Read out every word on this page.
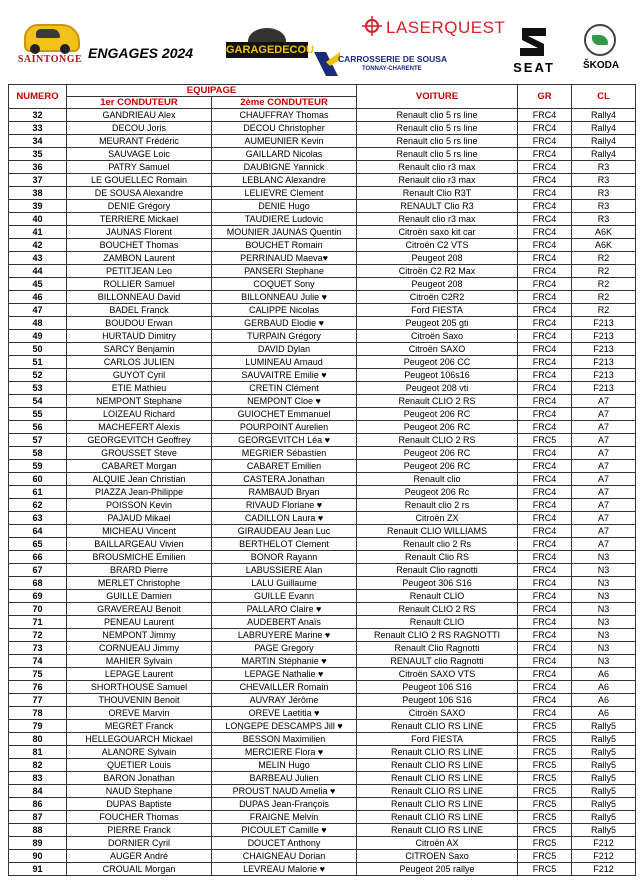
SAINTONGE ENGAGES 2024	GARAGEDECOU
LASERQUEST
CARROSSERIE DE SOUSA
TONNAY-CHARENTE	SEAT	ŠKODA
NUMERO	EQUIPAGE		VOITURE	GR	CL
	1er CONDUTEUR	2ème CONDUTEUR			
32	GANDRIEAU Alex	CHAUFFRAY Thomas	Renault clio 5 rs line	FRC4	Rally4
33	DECOU Joris	DECOU Christopher	Renault clio 5 rs line	FRC4	Rally4
34	MEURANT Frédéric	AUMEUNIER Kevin	Renault clio 5 rs line	FRC4	Rally4
35	SAUVAGE Loic	GAILLARD Nicolas	Renault clio 5 rs line	FRC4	Rally4
36	PATRY Samuel	DAUBIGNE Yannick	Renault clio r3 max	FRC4	R3
37	LE GOUELLEC Romain	LEBLANC Alexandre	Renault clio r3 max	FRC4	R3
38	DE SOUSA Alexandre	LELIEVRE Clement	Renault Clio R3T	FRC4	R3
39	DENIE Grégory	DENIE Hugo	RENAULT Clio R3	FRC4	R3
40	TERRIERE Mickael	TAUDIERE Ludovic	Renault clio r3 max	FRC4	R3
41	JAUNAS Florent	MOUNIER JAUNAS Quentin	Citroën saxo kit car	FRC4	A6K
42	BOUCHET Thomas	BOUCHET Romain	Citroën C2 VTS	FRC4	A6K
43	ZAMBON Laurent	PERRINAUD Maeva♥	Peugeot 208	FRC4	R2
44	PETITJEAN Leo	PANSERI Stephane	Citroën C2 R2 Max	FRC4	R2
45	ROLLIER Samuel	COQUET Sony	Peugeot 208	FRC4	R2
46	BILLONNEAU David	BILLONNEAU Julie ♥	Citroën C2R2	FRC4	R2
47	BADEL Franck	CALIPPE Nicolas	Ford FIESTA	FRC4	R2
48	BOUDOU Erwan	GERBAUD Elodie ♥	Peugeot 205 gti	FRC4	F213
49	HURTAUD Dimitry	TURPAIN Grégory	Citroën Saxo	FRC4	F213
50	SARCY Benjamin	DAVID Dylan	Citroën SAXO	FRC4	F213
51	CARLOS JULIEN	LUMINEAU Arnaud	Peugeot 206 CC	FRC4	F213
52	GUYOT Cyril	SAUVAITRE Emilie ♥	Peugeot 106s16	FRC4	F213
53	ETIE Mathieu	CRETIN Clément	Peugeot 208 vti	FRC4	F213
54	NEMPONT Stephane	NEMPONT Cloe ♥	Renault CLIO 2 RS	FRC4	A7
55	LOIZEAU Richard	GUIOCHET Emmanuel	Peugeot 206 RC	FRC4	A7
56	MACHEFERT Alexis	POURPOINT Aurelien	Peugeot 206 RC	FRC4	A7
57	GEORGEVITCH Geoffrey	GEORGEVITCH Léa ♥	Renault CLIO 2 RS	FRC5	A7
58	GROUSSET Steve	MEGRIER Sébastien	Peugeot 206 RC	FRC4	A7
59	CABARET Morgan	CABARET Emilien	Peugeot 206 RC	FRC4	A7
60	ALQUIE Jean Christian	CASTERA Jonathan	Renault clio	FRC4	A7
61	PIAZZA Jean-Philippe	RAMBAUD Bryan	Peugeot 206 Rc	FRC4	A7
62	POISSON Kevin	RIVAUD Floriane ♥	Renault clio 2 rs	FRC4	A7
63	PAJAUD Mikael	CADILLON Laura ♥	Citroën ZX	FRC4	A7
64	MICHEAU Vincent	GIRAUDEAU Jean Luc	Renault CLIO WILLIAMS	FRC4	A7
65	BAILLARGEAU Vivien	BERTHELOT Clement	Renault clio 2 Rs	FRC4	A7
66	BROUSMICHE Emilien	BONOR Rayann	Renault Clio RS	FRC4	N3
67	BRARD Pierre	LABUSSIERE Alan	Renault Clio ragnotti	FRC4	N3
68	MERLET Christophe	LALU Guillaume	Peugeot 306 S16	FRC4	N3
69	GUILLE Damien	GUILLE Evann	Renault CLIO	FRC4	N3
70	GRAVEREAU Benoit	PALLARO Claire ♥	Renault CLIO 2 RS	FRC4	N3
71	PENEAU Laurent	AUDEBERT Anaïs	Renault CLIO	FRC4	N3
72	NEMPONT Jimmy	LABRUYERE Marine ♥	Renault CLIO 2 RS RAGNOTTI	FRC4	N3
73	CORNUEAU Jimmy	PAGE Gregory	Renault Clio Ragnotti	FRC4	N3
74	MAHIER Sylvain	MARTIN Stéphanie ♥	RENAULT clio Ragnotti	FRC4	N3
75	LEPAGE Laurent	LEPAGE Nathalie ♥	Citroën SAXO VTS	FRC4	A6
76	SHORTHOUSE Samuel	CHEVAILLER Romain	Peugeot 106 S16	FRC4	A6
77	THOUVENIN Benoit	AUVRAY Jérôme	Peugeot 106 S16	FRC4	A6
78	OREVE Marvin	OREVE Laetitia ♥	Citroën SAXO	FRC4	A6
79	MEGRET Franck	LONGEPE DESCAMPS Jill ♥	Renault CLIO RS LINE	FRC5	Rally5
80	HELLEGOUARCH Mickael	BESSON Maximilien	Ford FIESTA	FRC5	Rally5
81	ALANORE Sylvain	MERCIERE Flora ♥	Renault CLIO RS LINE	FRC5	Rally5
82	QUETIER Louis	MELIN Hugo	Renault CLIO RS LINE	FRC5	Rally5
83	BARON Jonathan	BARBEAU Julien	Renault CLIO RS LINE	FRC5	Rally5
84	NAUD Stephane	PROUST NAUD Amelia ♥	Renault CLIO RS LINE	FRC5	Rally5
86	DUPAS Baptiste	DUPAS Jean-François	Renault CLIO RS LINE	FRC5	Rally5
87	FOUCHER Thomas	FRAIGNE Melvin	Renault CLIO RS LINE	FRC5	Rally5
88	PIERRE Franck	PICOULET Camille ♥	Renault CLIO RS LINE	FRC5	Rally5
89	DORNIER Cyril	DOUCET Anthony	Citroën AX	FRC5	F212
90	AUGER André	CHAIGNEAU Dorian	CITROEN Saxo	FRC5	F212
91	CROUAIL Morgan	LEVREAU Malorie ♥	Peugeot 205 rallye	FRC5	F212
